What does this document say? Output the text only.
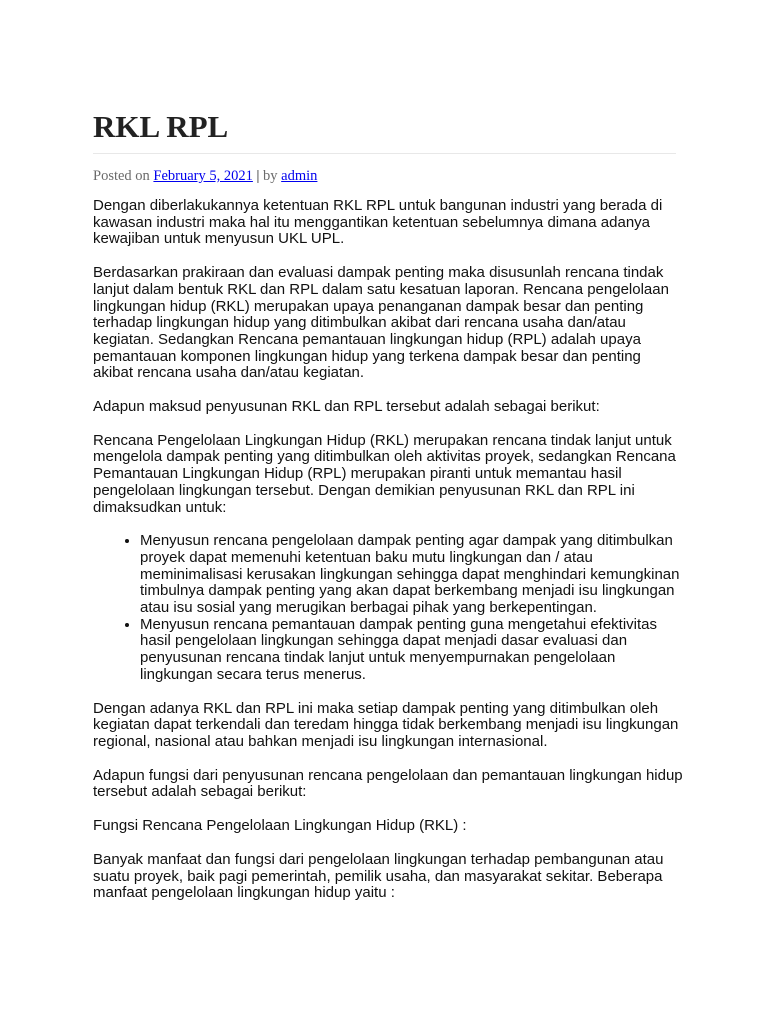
RKL RPL

Posted on February 5, 2021 | by admin

Dengan diberlakukannya ketentuan RKL RPL untuk bangunan industri yang berada di kawasan industri maka hal itu menggantikan ketentuan sebelumnya dimana adanya kewajiban untuk menyusun UKL UPL.

Berdasarkan prakiraan dan evaluasi dampak penting maka disusunlah rencana tindak lanjut dalam bentuk RKL dan RPL dalam satu kesatuan laporan. Rencana pengelolaan lingkungan hidup (RKL) merupakan upaya penanganan dampak besar dan penting terhadap lingkungan hidup yang ditimbulkan akibat dari rencana usaha dan/atau kegiatan. Sedangkan Rencana pemantauan lingkungan hidup (RPL) adalah upaya pemantauan komponen lingkungan hidup yang terkena dampak besar dan penting akibat rencana usaha dan/atau kegiatan.

Adapun maksud penyusunan RKL dan RPL tersebut adalah sebagai berikut:

Rencana Pengelolaan Lingkungan Hidup (RKL) merupakan rencana tindak lanjut untuk mengelola dampak penting yang ditimbulkan oleh aktivitas proyek, sedangkan Rencana Pemantauan Lingkungan Hidup (RPL) merupakan piranti untuk memantau hasil pengelolaan lingkungan tersebut. Dengan demikian penyusunan RKL dan RPL ini dimaksudkan untuk:

• Menyusun rencana pengelolaan dampak penting agar dampak yang ditimbulkan proyek dapat memenuhi ketentuan baku mutu lingkungan dan / atau meminimalisasi kerusakan lingkungan sehingga dapat menghindari kemungkinan timbulnya dampak penting yang akan dapat berkembang menjadi isu lingkungan atau isu sosial yang merugikan berbagai pihak yang berkepentingan.
• Menyusun rencana pemantauan dampak penting guna mengetahui efektivitas hasil pengelolaan lingkungan sehingga dapat menjadi dasar evaluasi dan penyusunan rencana tindak lanjut untuk menyempurnakan pengelolaan lingkungan secara terus menerus.

Dengan adanya RKL dan RPL ini maka setiap dampak penting yang ditimbulkan oleh kegiatan dapat terkendali dan teredam hingga tidak berkembang menjadi isu lingkungan regional, nasional atau bahkan menjadi isu lingkungan internasional.

Adapun fungsi dari penyusunan rencana pengelolaan dan pemantauan lingkungan hidup tersebut adalah sebagai berikut:

Fungsi Rencana Pengelolaan Lingkungan Hidup (RKL) :

Banyak manfaat dan fungsi dari pengelolaan lingkungan terhadap pembangunan atau suatu proyek, baik pagi pemerintah, pemilik usaha, dan masyarakat sekitar. Beberapa manfaat pengelolaan lingkungan hidup yaitu :
